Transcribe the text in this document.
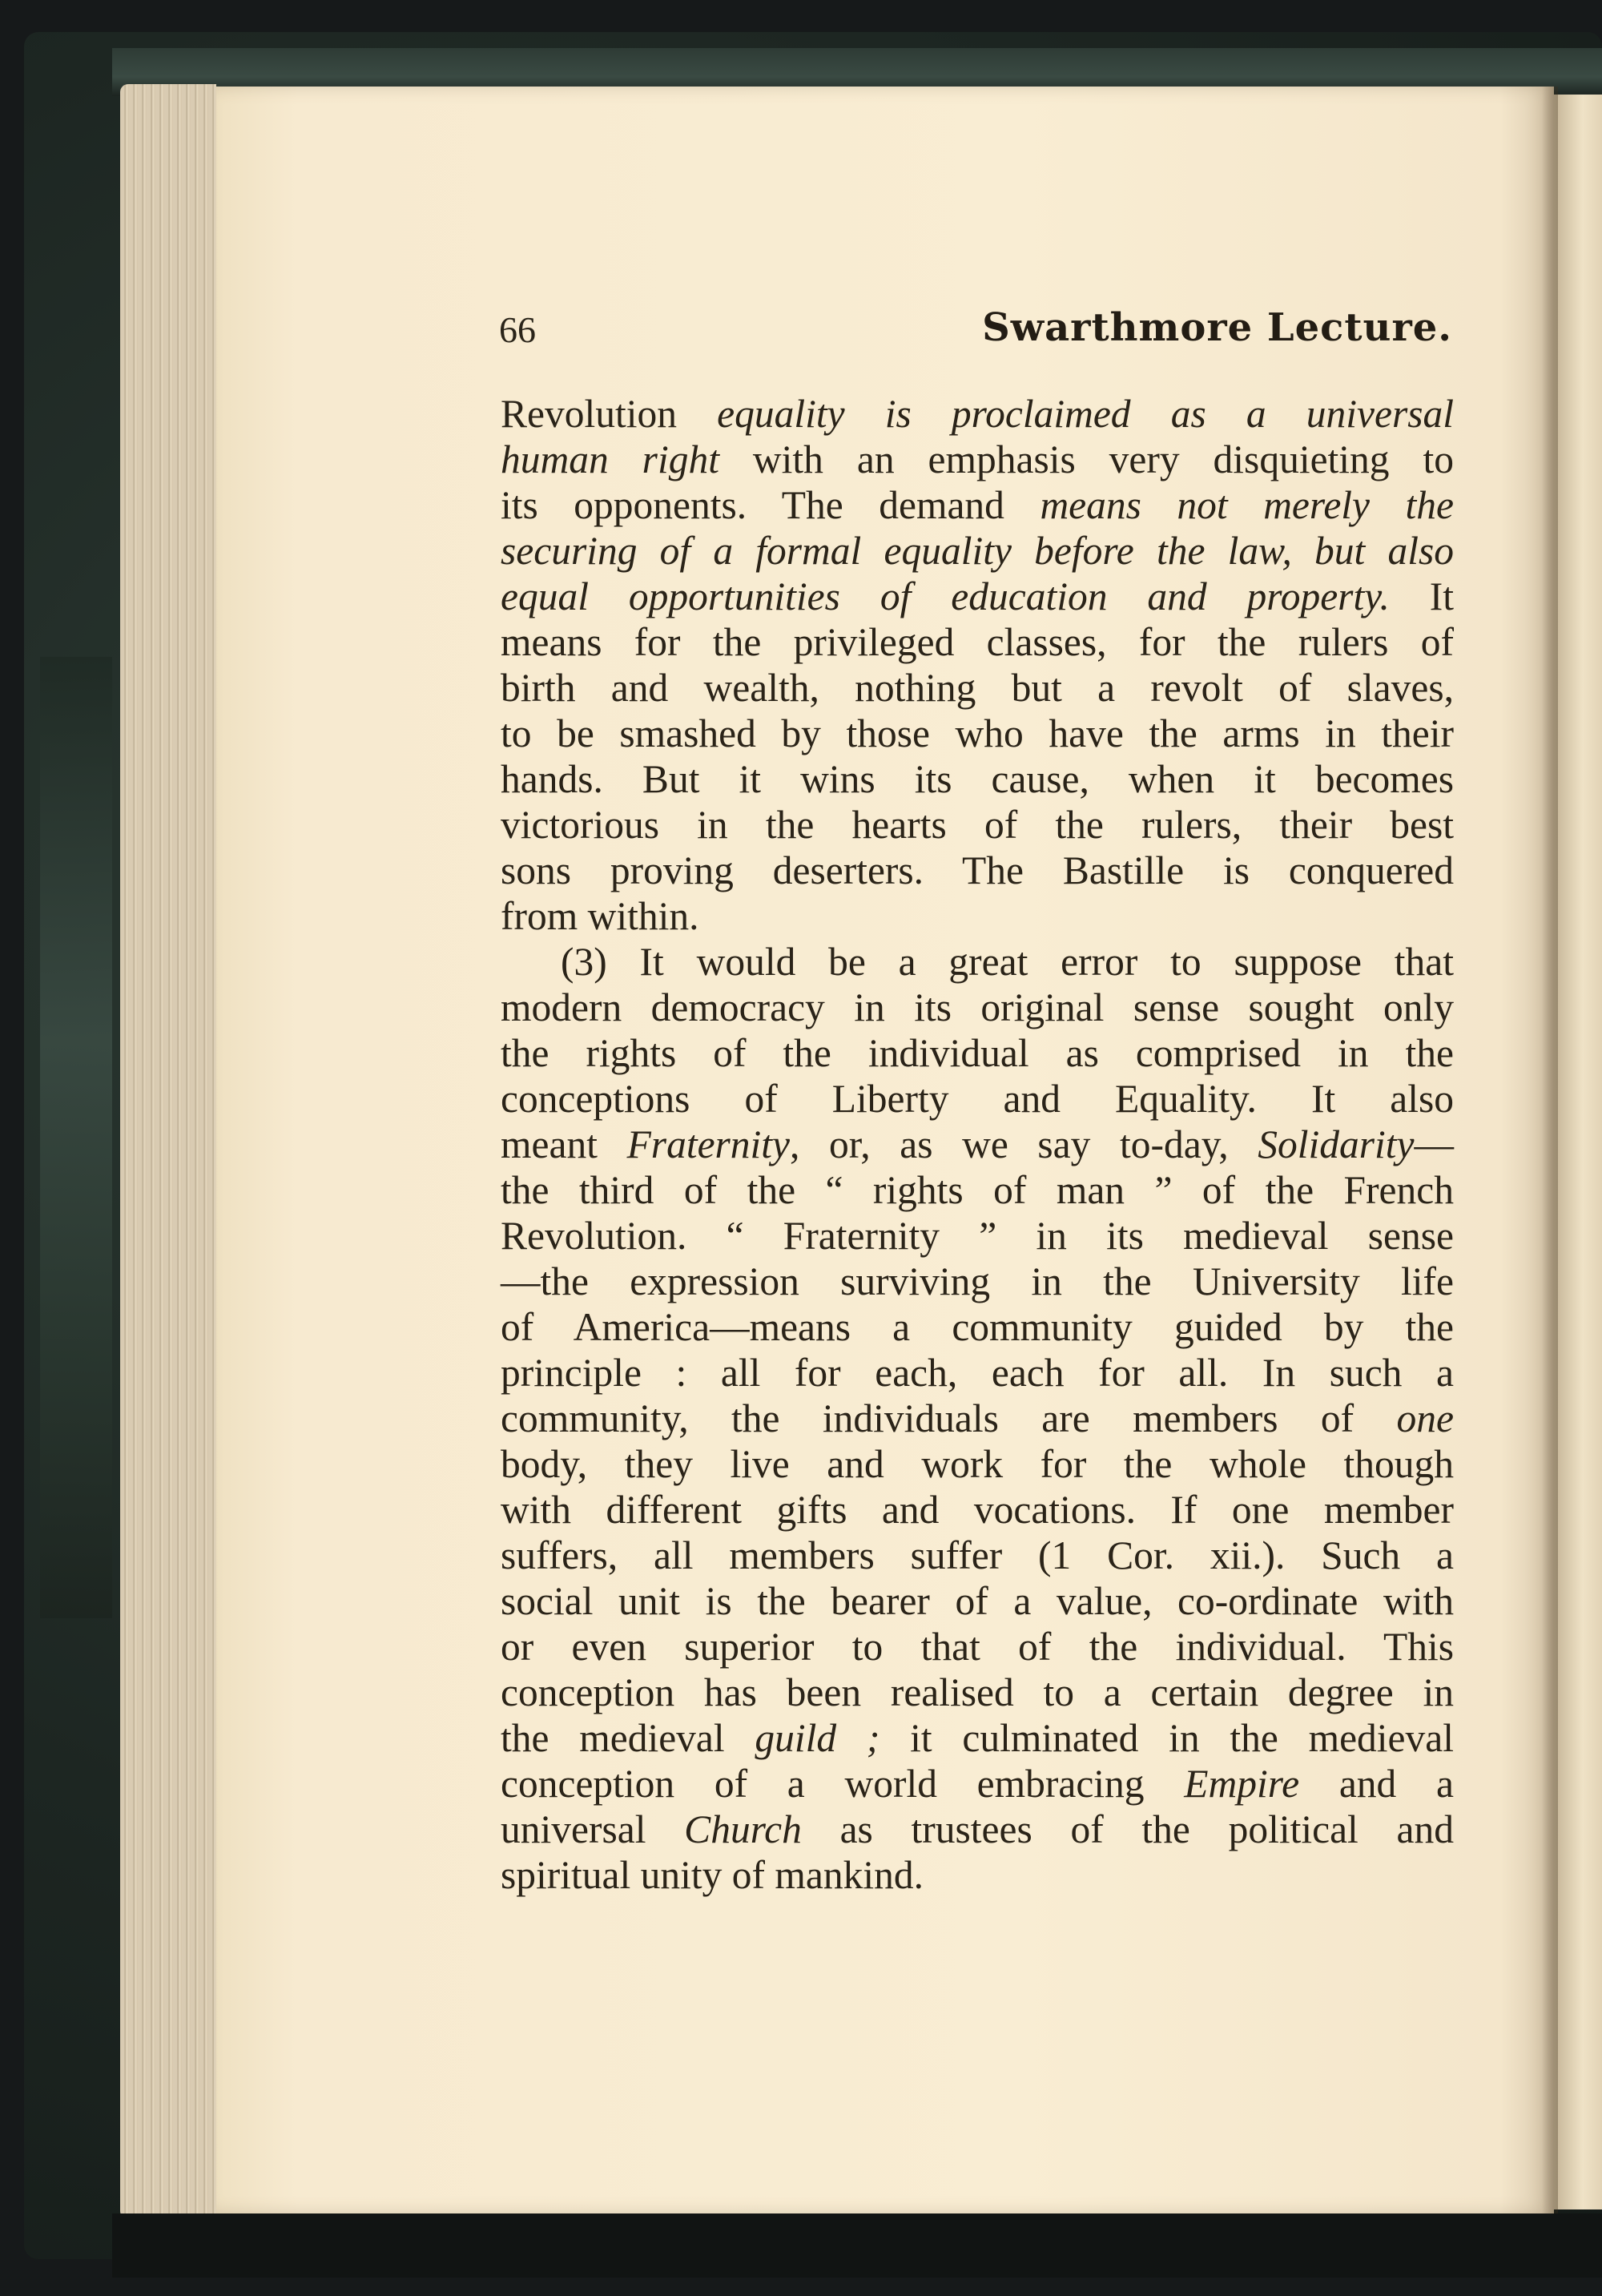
66	Swarthmore Lecture.
Revolution equality is proclaimed as a universal
human right with an emphasis very disquieting to
its opponents. The demand means not merely the
securing of a formal equality before the law, but also
equal opportunities of education and property. It
means for the privileged classes, for the rulers of
birth and wealth, nothing but a revolt of slaves,
to be smashed by those who have the arms in their
hands. But it wins its cause, when it becomes
victorious in the hearts of the rulers, their best
sons proving deserters. The Bastille is conquered
from within.
(3) It would be a great error to suppose that
modern democracy in its original sense sought only
the rights of the individual as comprised in the
conceptions of Liberty and Equality. It also
meant Fraternity, or, as we say to-day, Solidarity—
the third of the “ rights of man ” of the French
Revolution. “ Fraternity ” in its medieval sense
—the expression surviving in the University life
of America—means a community guided by the
principle : all for each, each for all. In such a
community, the individuals are members of one
body, they live and work for the whole though
with different gifts and vocations. If one member
suffers, all members suffer (1 Cor. xii.). Such a
social unit is the bearer of a value, co-ordinate with
or even superior to that of the individual. This
conception has been realised to a certain degree in
the medieval guild ; it culminated in the medieval
conception of a world embracing Empire and a
universal Church as trustees of the political and
spiritual unity of mankind.
